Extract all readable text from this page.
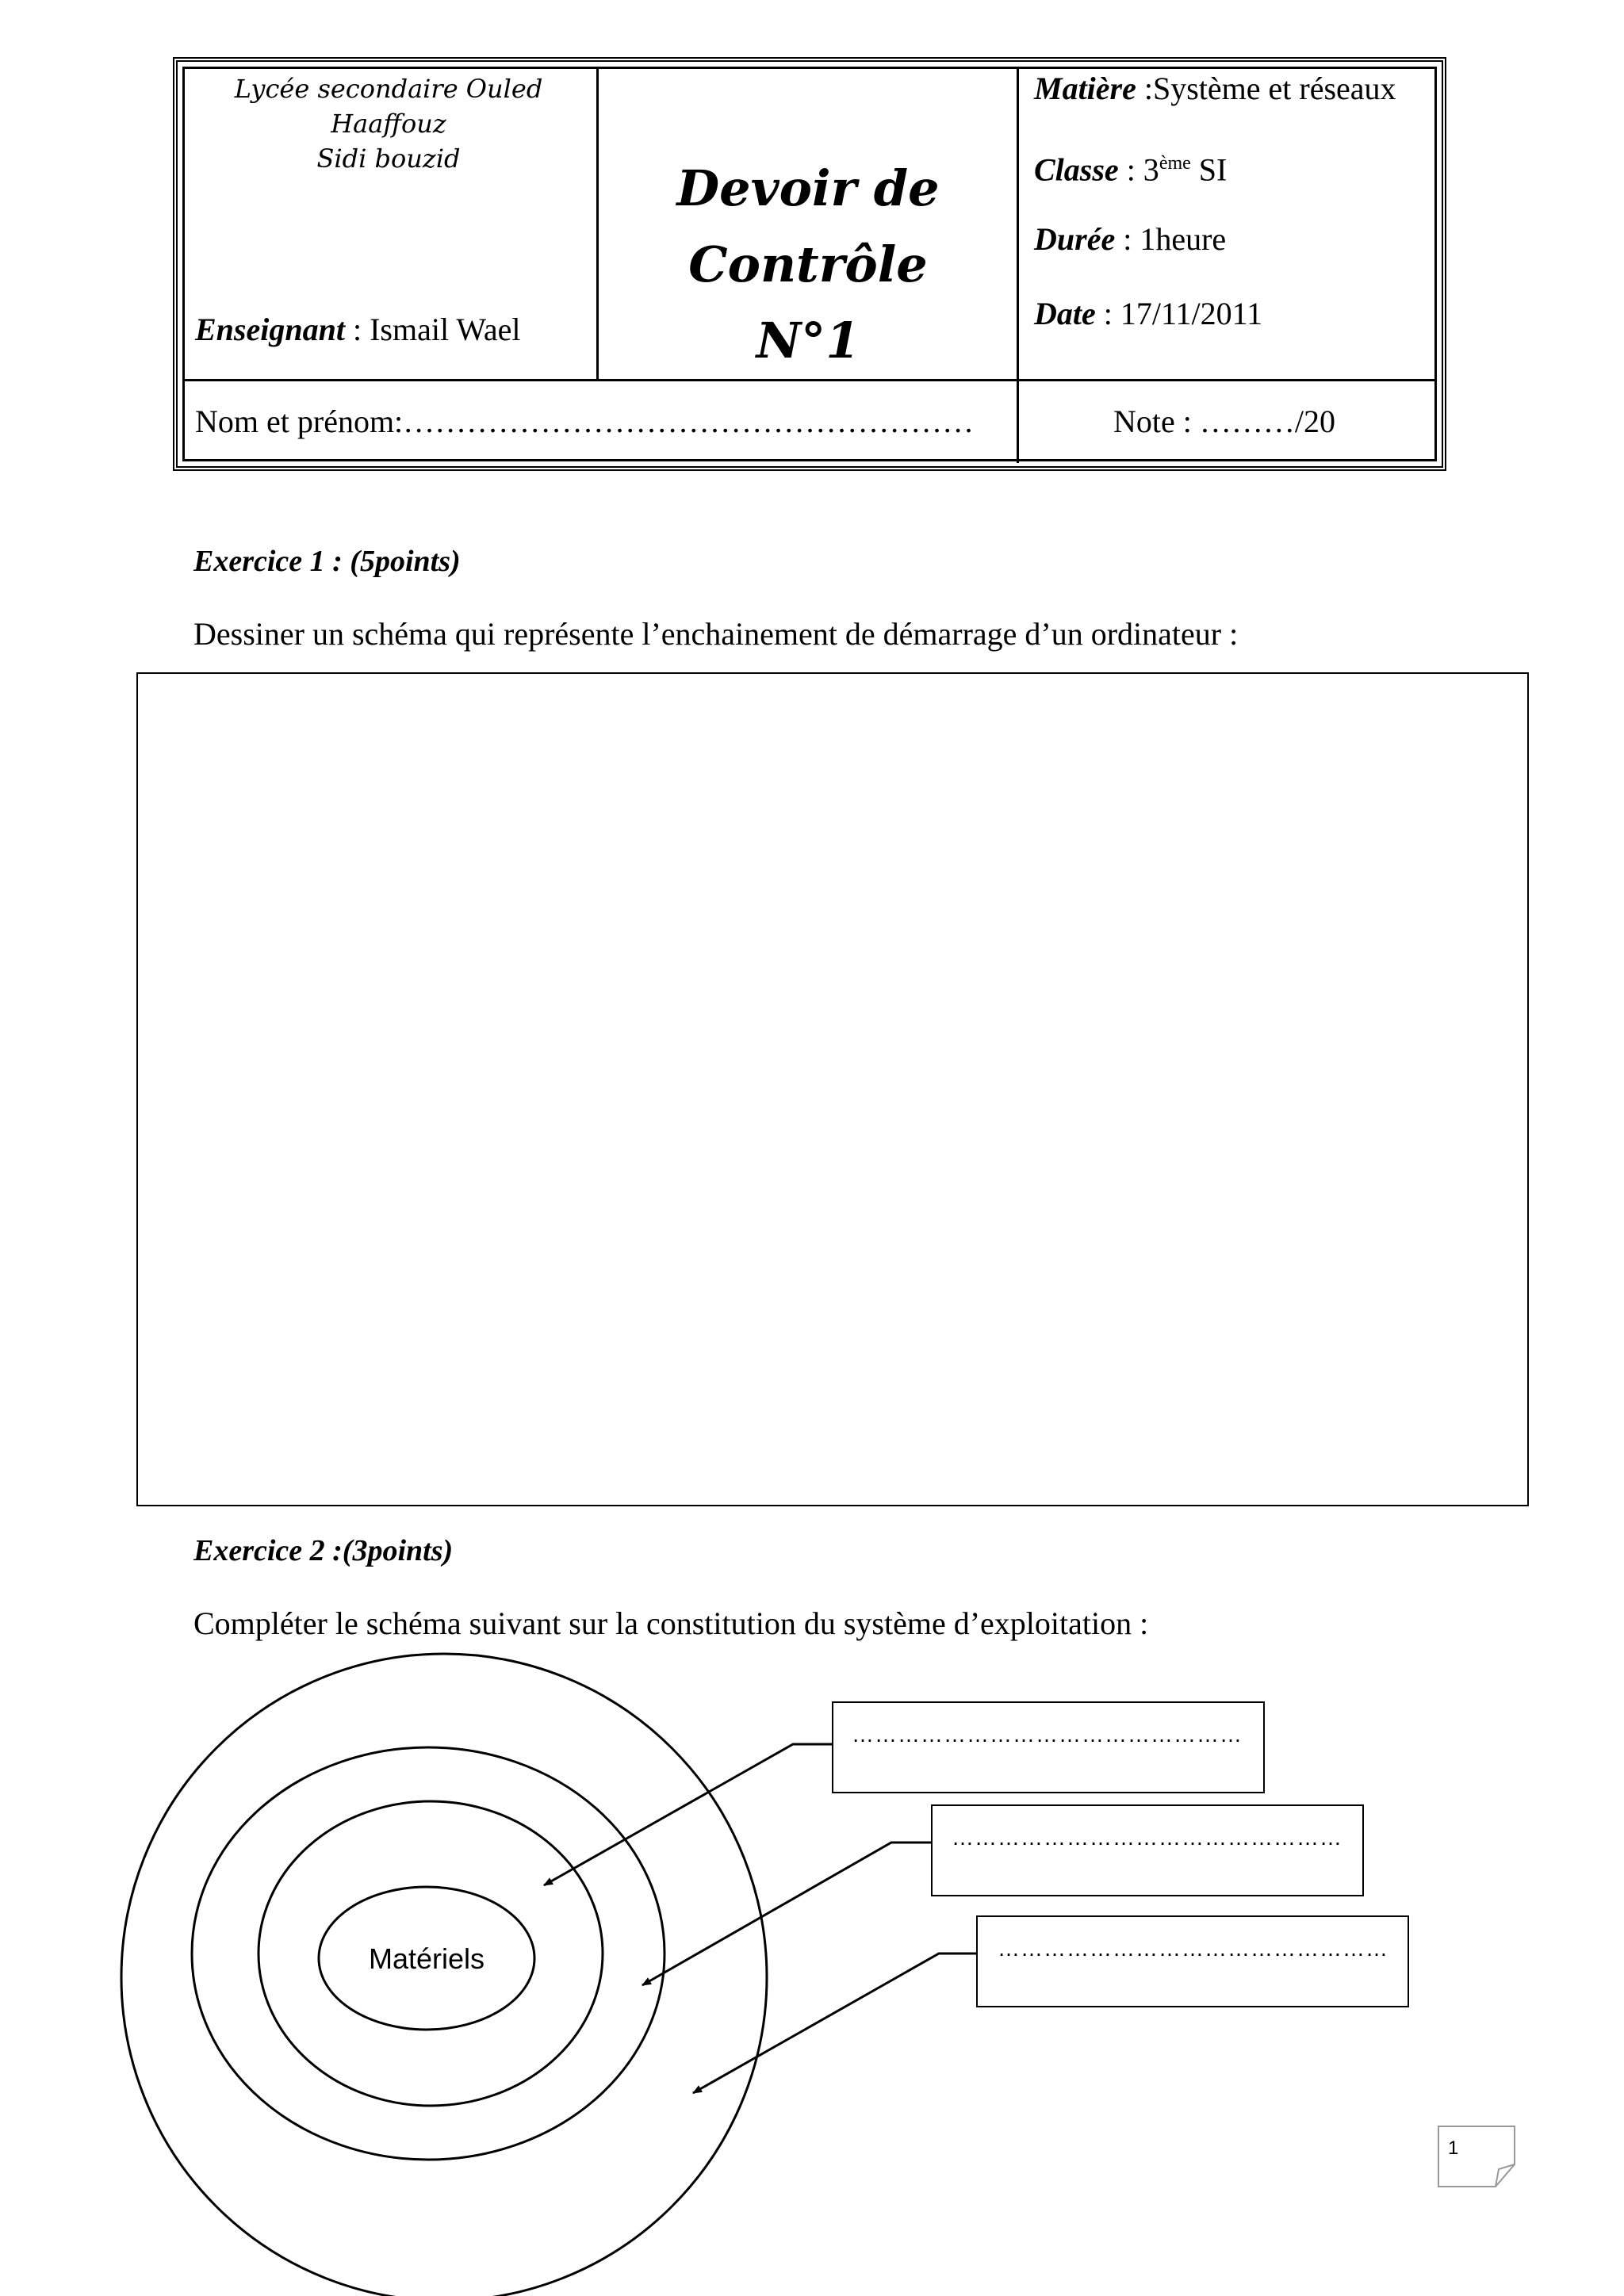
Lycée secondaire Ouled
Haaffouz
Sidi bouzid
Enseignant : Ismail Wael
Devoir de Contrôle
N°1
Matière :Système et réseaux
Classe : 3ème SI
Durée : 1heure
Date : 17/11/2011
Nom et prénom:………………………………………………	Note : ………/20
Exercice 1 : (5points)
Dessiner un schéma qui représente l’enchainement de démarrage d’un ordinateur :
Exercice 2 :(3points)
Compléter le schéma suivant sur la constitution du système d’exploitation :
Matériels
……………………………………………
……………………………………………
……………………………………………
1
